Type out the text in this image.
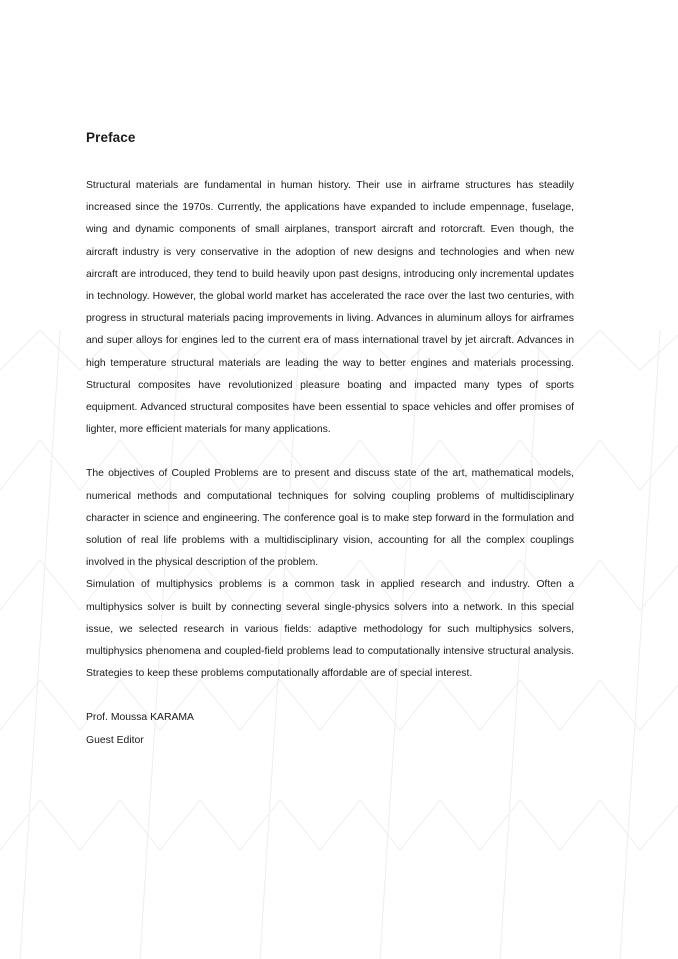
Preface

Structural materials are fundamental in human history. Their use in airframe structures has steadily increased since the 1970s. Currently, the applications have expanded to include empennage, fuselage, wing and dynamic components of small airplanes, transport aircraft and rotorcraft. Even though, the aircraft industry is very conservative in the adoption of new designs and technologies and when new aircraft are introduced, they tend to build heavily upon past designs, introducing only incremental updates in technology. However, the global world market has accelerated the race over the last two centuries, with progress in structural materials pacing improvements in living. Advances in aluminum alloys for airframes and super alloys for engines led to the current era of mass international travel by jet aircraft. Advances in high temperature structural materials are leading the way to better engines and materials processing. Structural composites have revolutionized pleasure boating and impacted many types of sports equipment. Advanced structural composites have been essential to space vehicles and offer promises of lighter, more efficient materials for many applications.

The objectives of Coupled Problems are to present and discuss state of the art, mathematical models, numerical methods and computational techniques for solving coupling problems of multidisciplinary character in science and engineering. The conference goal is to make step forward in the formulation and solution of real life problems with a multidisciplinary vision, accounting for all the complex couplings involved in the physical description of the problem.

Simulation of multiphysics problems is a common task in applied research and industry. Often a multiphysics solver is built by connecting several single-physics solvers into a network. In this special issue, we selected research in various fields: adaptive methodology for such multiphysics solvers, multiphysics phenomena and coupled-field problems lead to computationally intensive structural analysis. Strategies to keep these problems computationally affordable are of special interest.

Prof. Moussa KARAMA

Guest Editor
